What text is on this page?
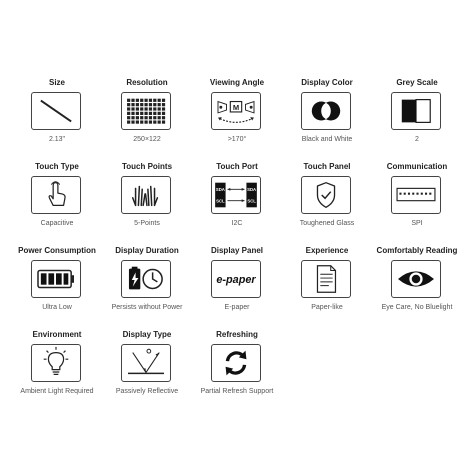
Size
2.13"
Resolution
250×122
Viewing Angle
M
>170°
Display Color
Black and White
Grey Scale
2
Touch Type
Capacitive
Touch Points
5-Points
Touch Port
SDA
SCL
SDA
SCL
I2C
Touch Panel
Toughened Glass
Communication
SPI
Power Consumption
Ultra Low
Display Duration
Persists without Power
Display Panel
e-paper
E-paper
Experience
Paper-like
Comfortably Reading
Eye Care, No Bluelight
Environment
Ambient Light Required
Display Type
Passively Reflective
Refreshing
Partial Refresh Support
